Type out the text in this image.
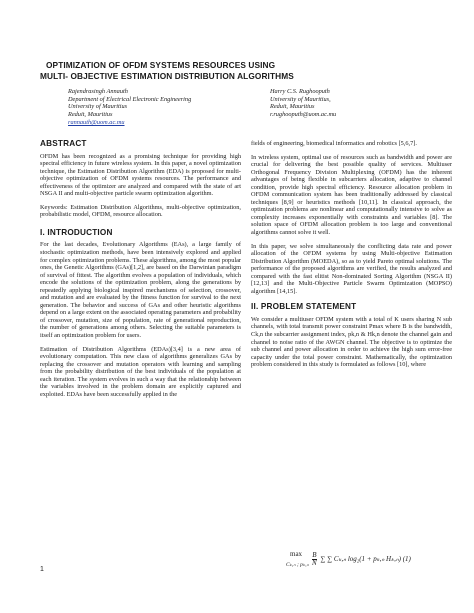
OPTIMIZATION OF OFDM SYSTEMS RESOURCES USING
MULTI- OBJECTIVE ESTIMATION DISTRIBUTION ALGORITHMS
Rajendrasingh Annauth
Department of Electrical Electronic Engineering
University of Mauritius
Reduit, Mauritius
rannauth@uom.ac.mu
Harry C.S. Rughooputh
University of Mauritius,
Reduit, Mauritius
r.rughooputh@uom.ac.mu
ABSTRACT
OFDM has been recognized as a promising technique for providing high spectral efficiency in future wireless system. In this paper, a novel optimization technique, the Estimation Distribution Algorithm (EDA) is proposed for multi-objective optimization of OFDM systems resources. The performance and effectiveness of the optimizer are analyzed and compared with the state of art NSGA II and multi-objective particle swarm optimization algorithm.
Keywords: Estimation Distribution Algorithms, multi-objective optimization, probabilistic model, OFDM, resource allocation.
I. INTRODUCTION
For the last decades, Evolutionary Algorithms (EAs), a large family of stochastic optimization methods, have been intensively explored and applied for complex optimization problems. These algorithms, among the most popular ones, the Genetic Algorithms (GAs)[1,2], are based on the Darwinian paradigm of survival of fittest. The algorithm evolves a population of individuals, which encode the solutions of the optimization problem, along the generations by repeatedly applying biological inspired mechanisms of selection, crossover, and mutation and are evaluated by the fitness function for survival to the next generation. The behavior and success of GAs and other heuristic algorithms depend on a large extent on the associated operating parameters and probability of crossover, mutation, size of population, rate of generational reproduction, the number of generations among others. Selecting the suitable parameters is itself an optimization problem for users.
Estimation of Distribution Algorithms (EDAs)[3,4] is a new area of evolutionary computation. This new class of algorithms generalizes GAs by replacing the crossover and mutation operators with learning and sampling from the probability distribution of the best individuals of the population at each iteration. The system evolves in such a way that the relationship between the variables involved in the problem domain are explicitly captured and exploited. EDAs have been successfully applied in the
fields of engineering, biomedical informatics and robotics [5,6,7].
In wireless system, optimal use of resources such as bandwidth and power are crucial for delivering the best possible quality of services. Multiuser Orthogonal Frequency Division Multiplexing (OFDM) has the inherent advantages of being flexible in subcarriers allocation, adaptive to channel condition, provide high spectral efficiency. Resource allocation problem in OFDM communication system has been traditionally addressed by classical techniques [8,9] or heuristics methods [10,11]. In classical approach, the optimization problems are nonlinear and computationally intensive to solve as complexity increases exponentially with constraints and variables [8]. The solution space of OFDM allocation problem is too large and conventional algorithms cannot solve it well.
In this paper, we solve simultaneously the conflicting data rate and power allocation of the OFDM systems by using Multi-objective Estimation Distribution Algorithm (MOEDA), so as to yield Pareto optimal solutions. The performance of the proposed algorithms are verified, the results analyzed and compared with the fast elitist Non-dominated Sorting Algorithm (NSGA II) [12,13] and the Multi-Objective Particle Swarm Optimization (MOPSO) algorithm [14,15].
II. PROBLEM STATEMENT
We consider a multiuser OFDM system with a total of K users sharing N sub channels, with total transmit power constraint Pmax where B is the bandwidth, Ck,n the subcarrier assignment index, pk,n & Hk,n denote the channel gain and channel to noise ratio of the AWGN channel. The objective is to optimize the sub channel and power allocation in order to achieve the high sum error-free capacity under the total power constraint. Mathematically, the optimization problem considered in this study is formulated as follows [10], where
max
Cₖ,ₙ ; $p_k,_n \frac{B}{N}$ ∑ ∑ Cₖ,ₙ log₂(1 + pₖ,ₙ Hₖ,ₙ) (1)
1
